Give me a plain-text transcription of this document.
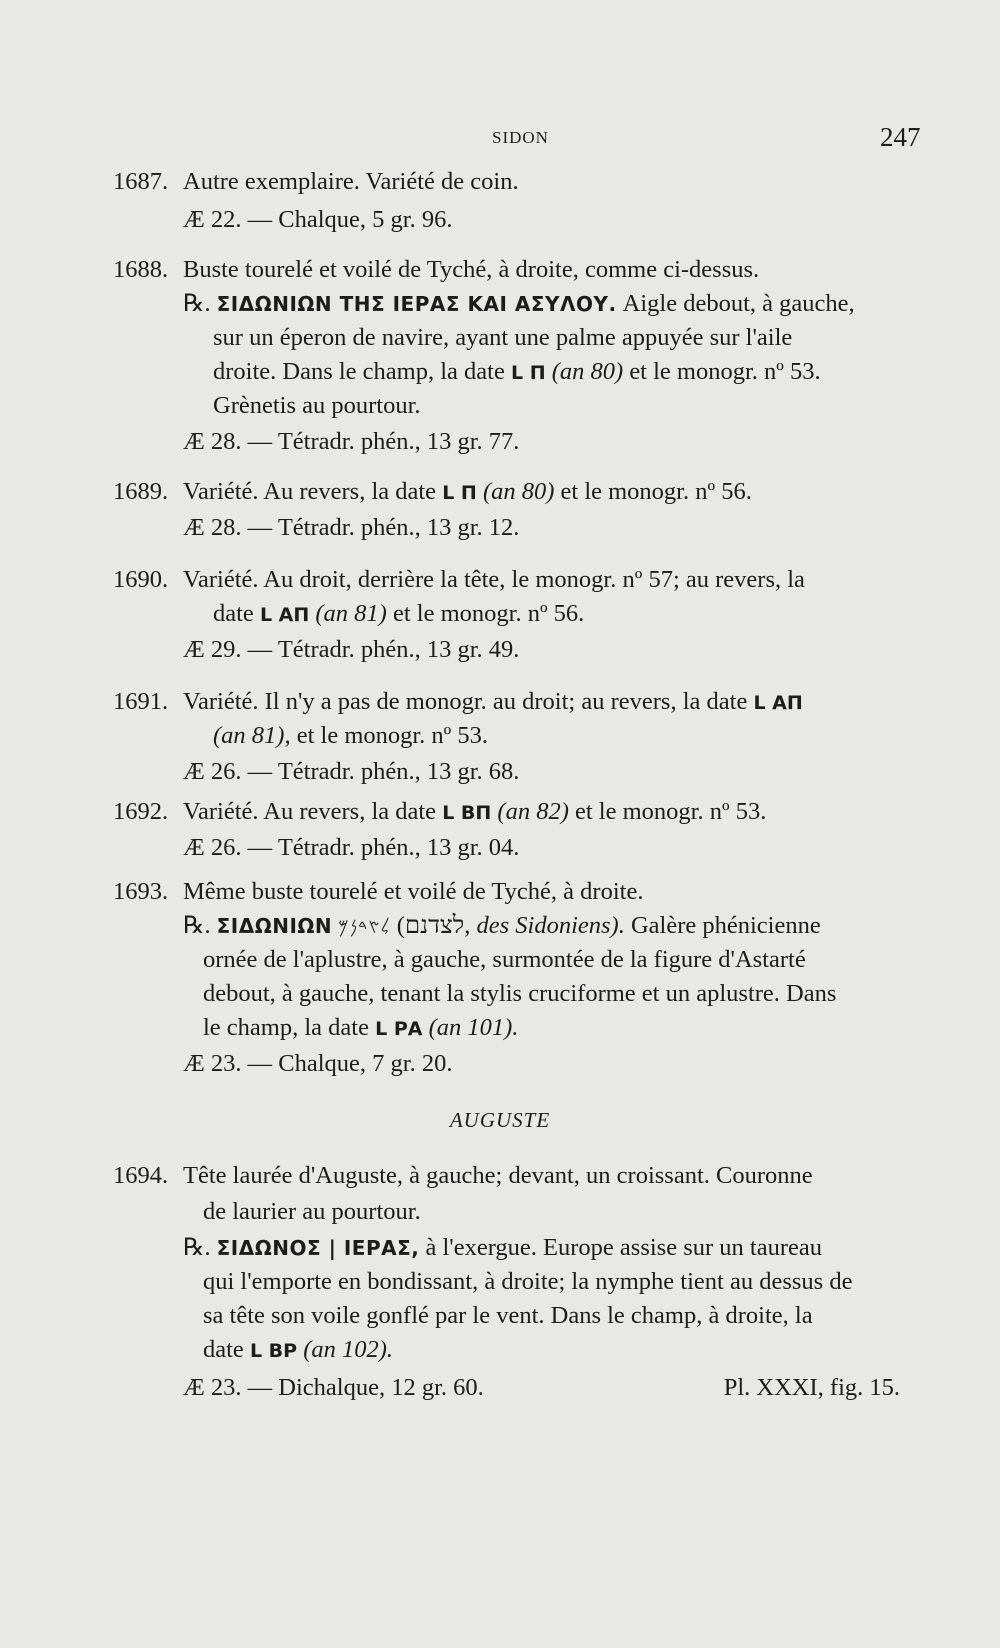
SIDON	247
1687. Autre exemplaire. Variété de coin.
Æ 22. — Chalque, 5 gr. 96.
1688. Buste tourelé et voilé de Tyché, à droite, comme ci-dessus.
℞. ΣΙΔΩΝΙΩΝ ΤΗΣ ΙΕΡΑΣ ΚΑΙ ΑΣΥΛΟΥ. Aigle debout, à gauche,
sur un éperon de navire, ayant une palme appuyée sur l'aile
droite. Dans le champ, la date L Π (an 80) et le monogr. nº 53.
Grènetis au pourtour.
Æ 28. — Tétradr. phén., 13 gr. 77.
1689. Variété. Au revers, la date L Π (an 80) et le monogr. nº 56.
Æ 28. — Tétradr. phén., 13 gr. 12.
1690. Variété. Au droit, derrière la tête, le monogr. nº 57; au revers, la
date L ΑΠ (an 81) et le monogr. nº 56.
Æ 29. — Tétradr. phén., 13 gr. 49.
1691. Variété. Il n'y a pas de monogr. au droit; au revers, la date L ΑΠ
(an 81), et le monogr. nº 53.
Æ 26. — Tétradr. phén., 13 gr. 68.
1692. Variété. Au revers, la date L ΒΠ (an 82) et le monogr. nº 53.
Æ 26. — Tétradr. phén., 13 gr. 04.
1693. Même buste tourelé et voilé de Tyché, à droite.
℞. ΣΙΔΩΝΙΩΝ 𐤋𐤑𐤃𐤍𐤌 (לצדנם, des Sidoniens). Galère phénicienne
ornée de l'aplustre, à gauche, surmontée de la figure d'Astarté
debout, à gauche, tenant la stylis cruciforme et un aplustre. Dans
le champ, la date L ΡΑ (an 101).
Æ 23. — Chalque, 7 gr. 20.
AUGUSTE
1694. Tête laurée d'Auguste, à gauche; devant, un croissant. Couronne
de laurier au pourtour.
℞. ΣΙΔΩΝΟΣ | ΙΕΡΑΣ, à l'exergue. Europe assise sur un taureau
qui l'emporte en bondissant, à droite; la nymphe tient au dessus de
sa tête son voile gonflé par le vent. Dans le champ, à droite, la
date L ΒΡ (an 102).
Æ 23. — Dichalque, 12 gr. 60.	Pl. XXXI, fig. 15.
